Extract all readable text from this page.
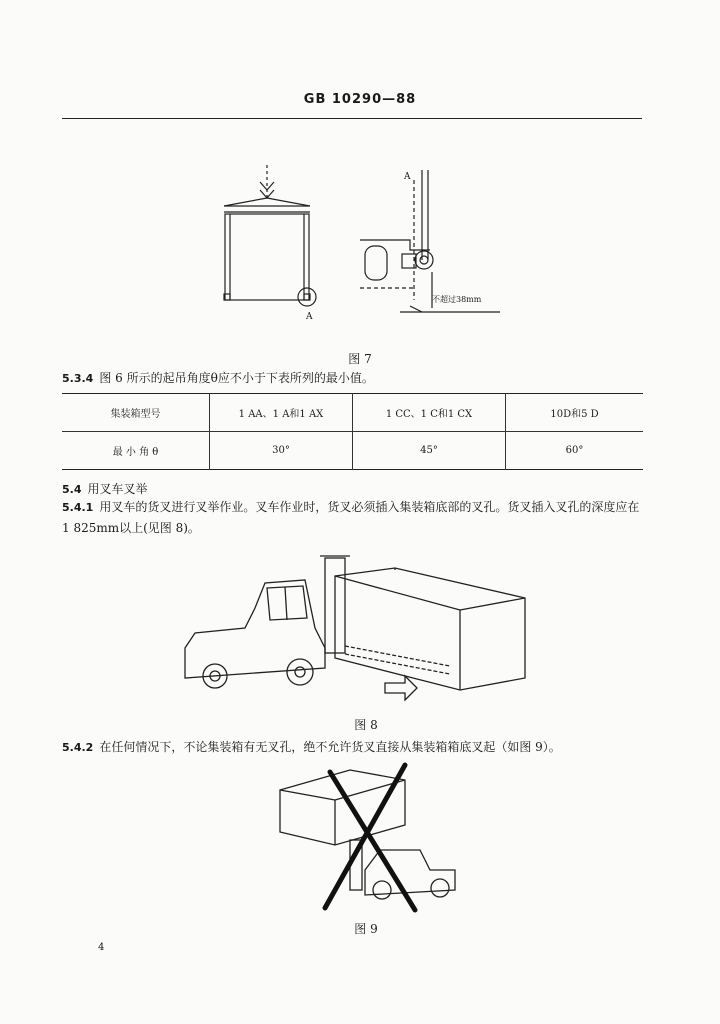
GB 10290—88
A
A
不超过38mm
图 7
5.3.4 图 6 所示的起吊角度θ应不小于下表所列的最小值。
集装箱型号	1 AA、1 A和1 AX	1 CC、1 C和1 CX	10D和5 D
最 小 角 θ	30°	45°	60°
5.4 用叉车叉举
5.4.1 用叉车的货叉进行叉举作业。叉车作业时，货叉必须插入集装箱底部的叉孔。货叉插入叉孔的深度应在1 825mm以上(见图 8)。
图 8
5.4.2 在任何情况下，不论集装箱有无叉孔，绝不允许货叉直接从集装箱箱底叉起（如图 9）。
图 9
4
